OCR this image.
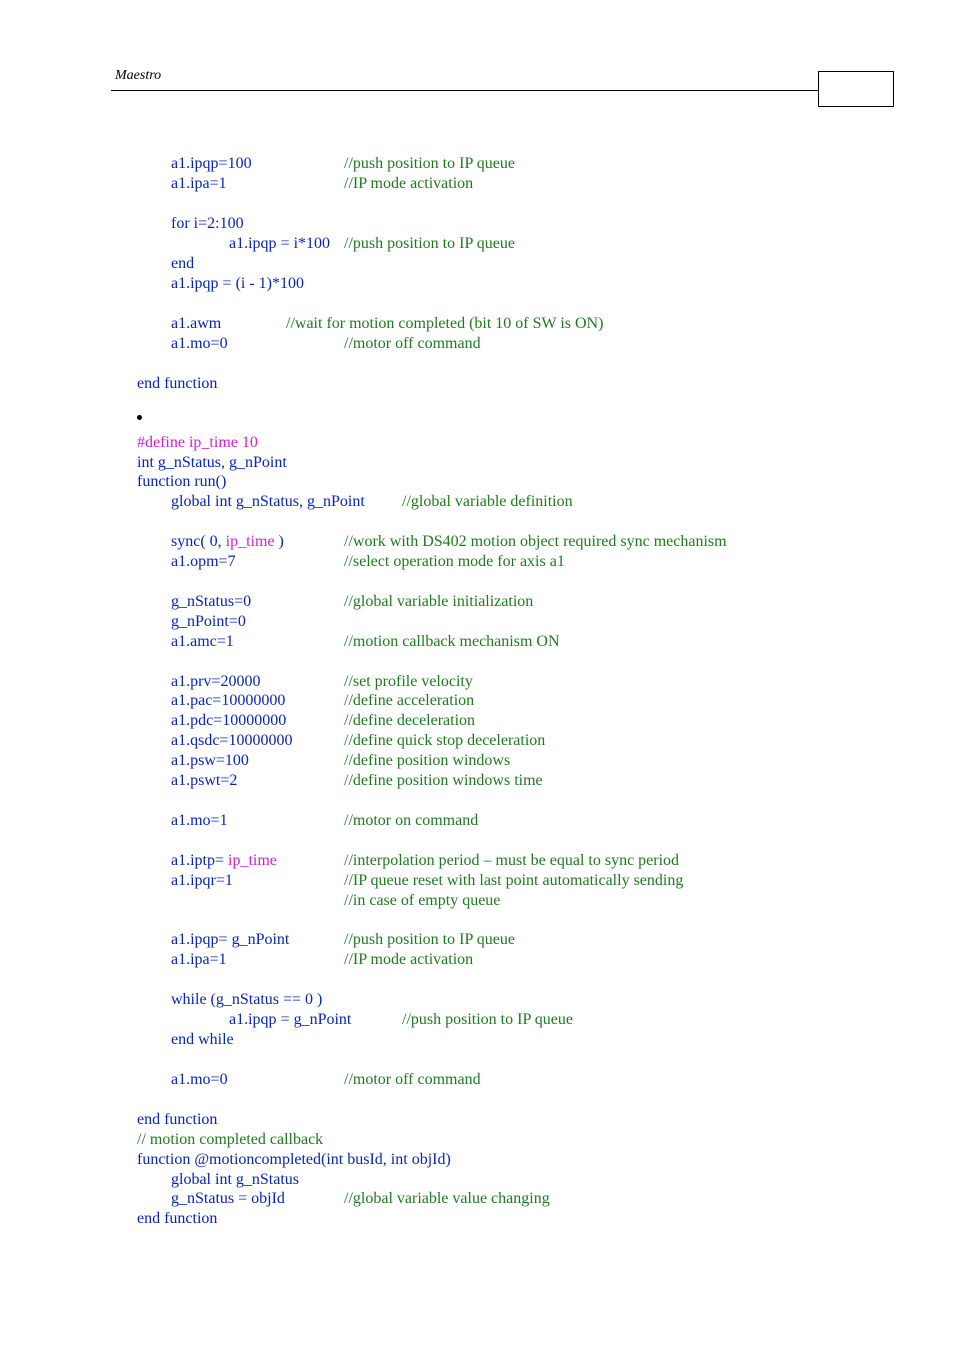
Maestro
//push position to IP queue
a1.ipqp=100
//IP mode activation
a1.ipa=1
for i=2:100
//push position to IP queue
a1.ipqp = i*100
end
a1.ipqp = (i - 1)*100
//wait for motion completed (bit 10 of SW is ON)
a1.awm
//motor off command
a1.mo=0
end function
#define ip_time 10
int g_nStatus, g_nPoint
function run()
//global variable definition
global int g_nStatus, g_nPoint
//work with DS402 motion object required sync mechanism
sync( 0, ip_time )
//select operation mode for axis a1
a1.opm=7
//global variable initialization
g_nStatus=0
g_nPoint=0
//motion callback mechanism ON
a1.amc=1
//set profile velocity
a1.prv=20000
//define acceleration
a1.pac=10000000
//define deceleration
a1.pdc=10000000
//define quick stop deceleration
a1.qsdc=10000000
//define position windows
a1.psw=100
//define position windows time
a1.pswt=2
//motor on command
a1.mo=1
//interpolation period – must be equal to sync period
a1.iptp= ip_time
//IP queue reset with last point automatically sending
a1.ipqr=1
//in case of empty queue
//push position to IP queue
a1.ipqp= g_nPoint
//IP mode activation
a1.ipa=1
while (g_nStatus == 0 )
//push position to IP queue
a1.ipqp = g_nPoint
end while
//motor off command
a1.mo=0
end function
// motion completed callback
function @motioncompleted(int busId, int objId)
global int g_nStatus
//global variable value changing
g_nStatus = objId
end function
